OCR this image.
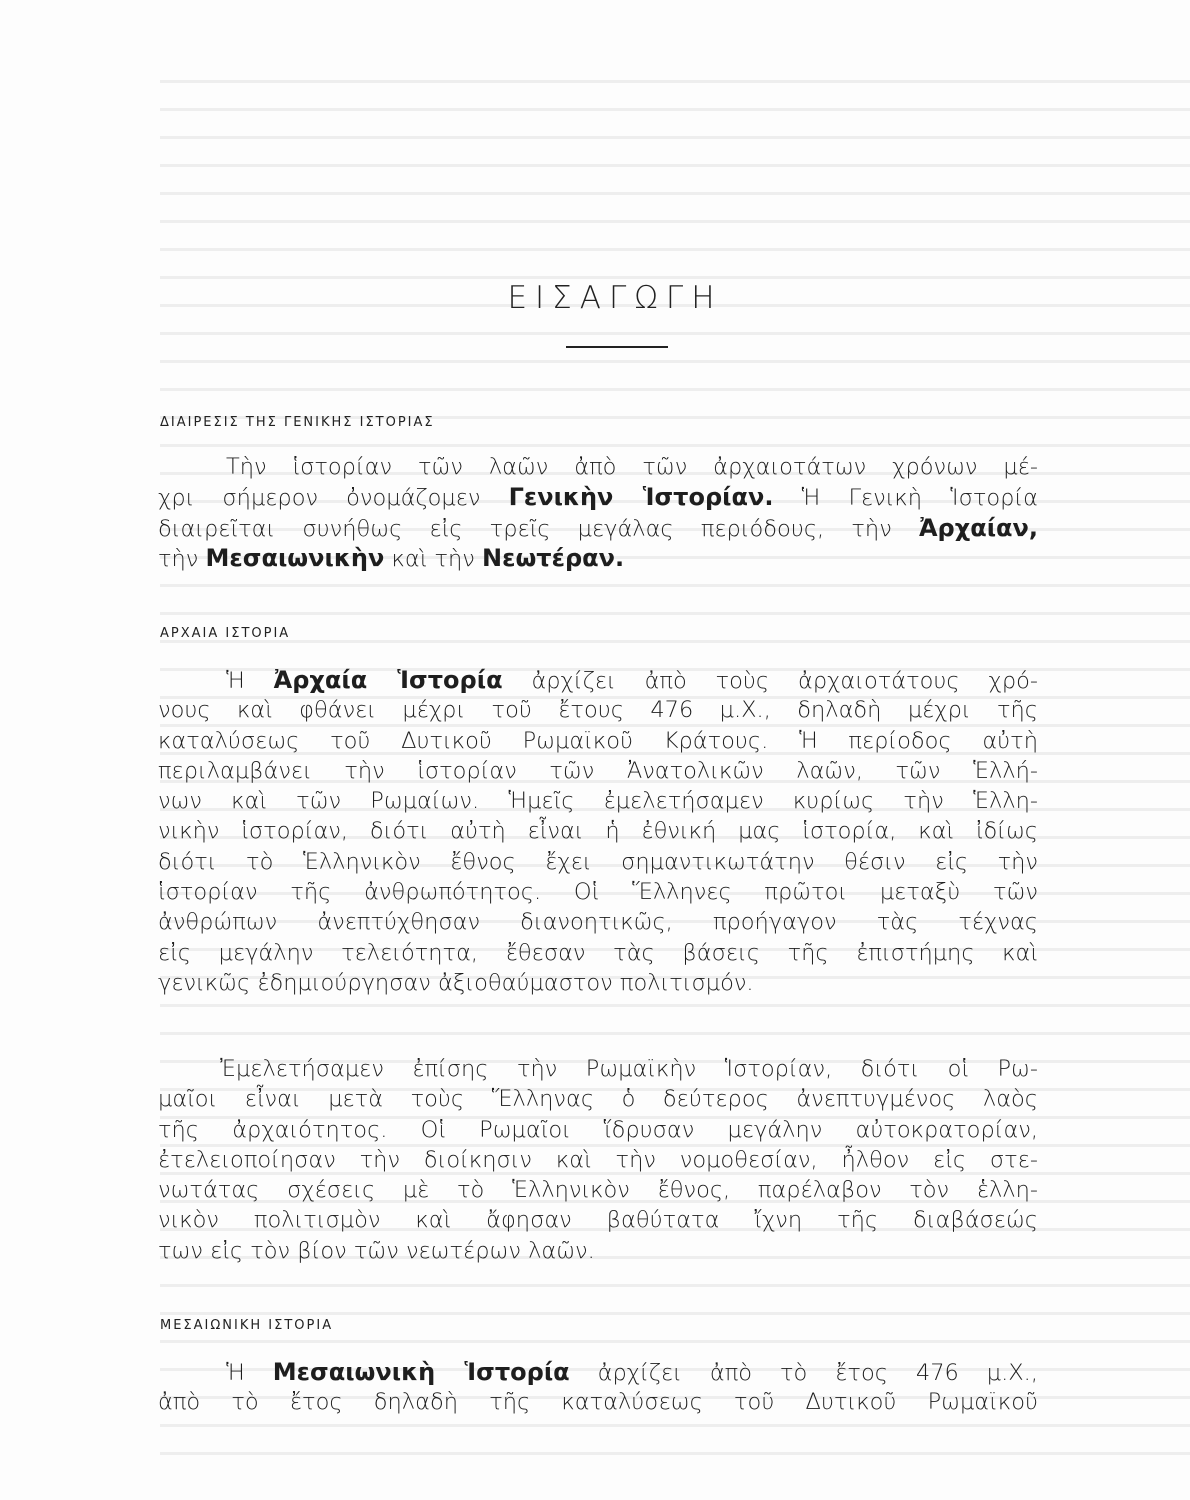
ΕΙΣΑΓΩΓΗ
ΔΙΑΙΡΕΣΙΣ ΤΗΣ ΓΕΝΙΚΗΣ ΙΣΤΟΡΙΑΣ
Τὴν ἱστορίαν τῶν λαῶν ἀπὸ τῶν ἀρχαιοτάτων χρόνων μέ-
χρι σήμερον ὀνομάζομεν Γενικὴν Ἱστορίαν. Ἡ Γενικὴ Ἱστορία
διαιρεῖται συνήθως εἰς τρεῖς μεγάλας περιόδους, τὴν Ἀρχαίαν,
τὴν Μεσαιωνικὴν καὶ τὴν Νεωτέραν.
ΑΡΧΑΙΑ ΙΣΤΟΡΙΑ
Ἡ Ἀρχαία Ἱστορία ἀρχίζει ἀπὸ τοὺς ἀρχαιοτάτους χρό-
νους καὶ φθάνει μέχρι τοῦ ἔτους 476 μ.Χ., δηλαδὴ μέχρι τῆς
καταλύσεως τοῦ Δυτικοῦ Ρωμαϊκοῦ Κράτους. Ἡ περίοδος αὐτὴ
περιλαμβάνει τὴν ἱστορίαν τῶν Ἀνατολικῶν λαῶν, τῶν Ἑλλή-
νων καὶ τῶν Ρωμαίων. Ἡμεῖς ἐμελετήσαμεν κυρίως τὴν Ἑλλη-
νικὴν ἱστορίαν, διότι αὐτὴ εἶναι ἡ ἐθνική μας ἱστορία, καὶ ἰδίως
διότι τὸ Ἑλληνικὸν ἔθνος ἔχει σημαντικωτάτην θέσιν εἰς τὴν
ἱστορίαν τῆς ἀνθρωπότητος. Οἱ Ἕλληνες πρῶτοι μεταξὺ τῶν
ἀνθρώπων ἀνεπτύχθησαν διανοητικῶς, προήγαγον τὰς τέχνας
εἰς μεγάλην τελειότητα, ἔθεσαν τὰς βάσεις τῆς ἐπιστήμης καὶ
γενικῶς ἐδημιούργησαν ἀξιοθαύμαστον πολιτισμόν.
Ἐμελετήσαμεν ἐπίσης τὴν Ρωμαϊκὴν Ἱστορίαν, διότι οἱ Ρω-
μαῖοι εἶναι μετὰ τοὺς Ἕλληνας ὁ δεύτερος ἀνεπτυγμένος λαὸς
τῆς ἀρχαιότητος. Οἱ Ρωμαῖοι ἵδρυσαν μεγάλην αὐτοκρατορίαν,
ἐτελειοποίησαν τὴν διοίκησιν καὶ τὴν νομοθεσίαν, ἦλθον εἰς στε-
νωτάτας σχέσεις μὲ τὸ Ἑλληνικὸν ἔθνος, παρέλαβον τὸν ἑλλη-
νικὸν πολιτισμὸν καὶ ἄφησαν βαθύτατα ἴχνη τῆς διαβάσεώς
των εἰς τὸν βίον τῶν νεωτέρων λαῶν.
ΜΕΣΑΙΩΝΙΚΗ ΙΣΤΟΡΙΑ
Ἡ Μεσαιωνικὴ Ἱστορία ἀρχίζει ἀπὸ τὸ ἔτος 476 μ.Χ.,
ἀπὸ τὸ ἔτος δηλαδὴ τῆς καταλύσεως τοῦ Δυτικοῦ Ρωμαϊκοῦ
